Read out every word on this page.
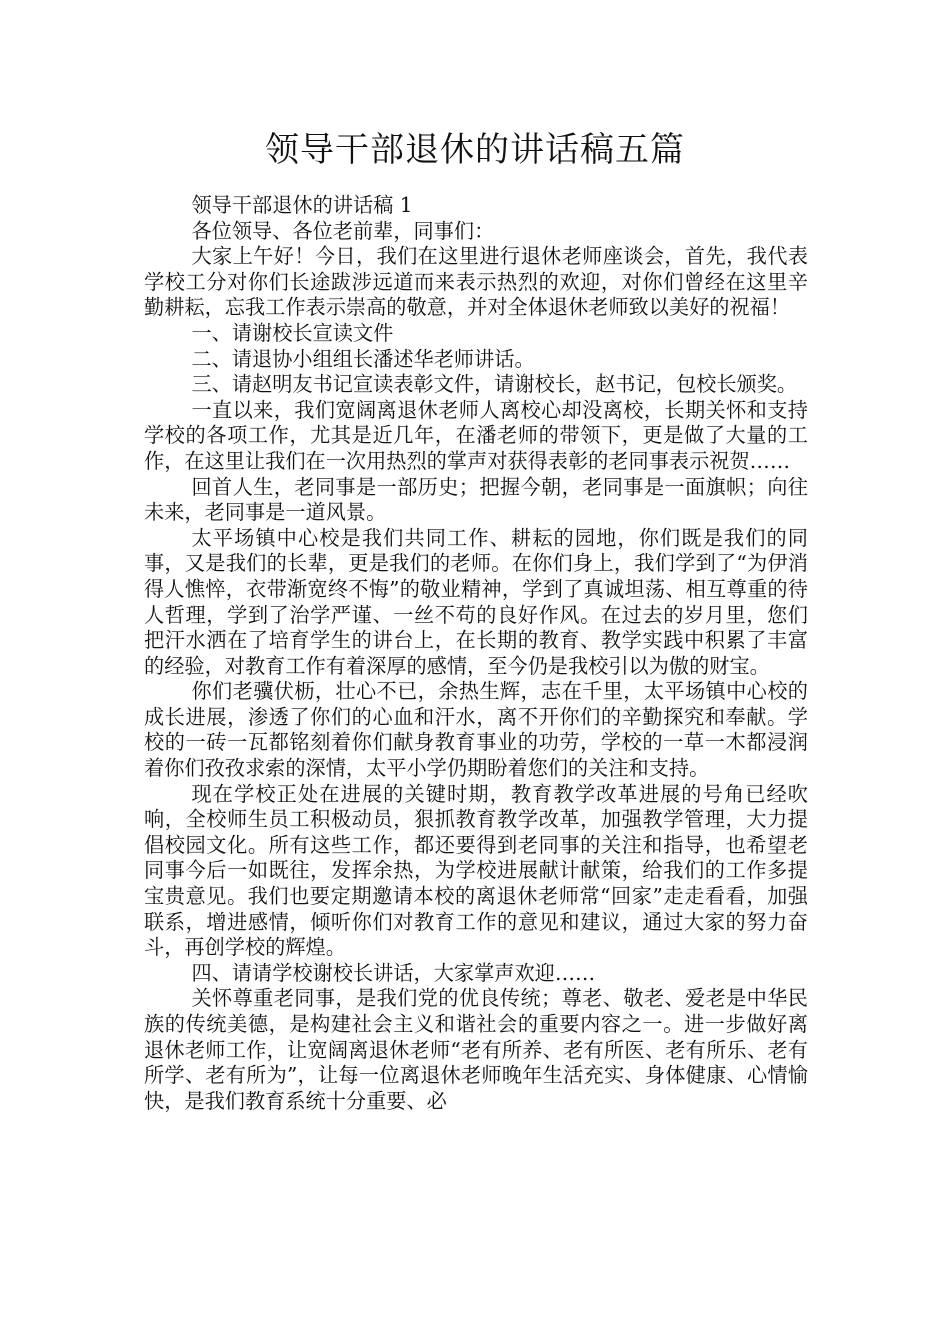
领导干部退休的讲话稿五篇

领导干部退休的讲话稿 1

各位领导、各位老前辈，同事们：

大家上午好！今日，我们在这里进行退休老师座谈会，首先，我代表学校工分对你们长途跋涉远道而来表示热烈的欢迎，对你们曾经在这里辛勤耕耘，忘我工作表示崇高的敬意，并对全体退休老师致以美好的祝福！

一、请谢校长宣读文件

二、请退协小组组长潘述华老师讲话。

三、请赵明友书记宣读表彰文件，请谢校长，赵书记，包校长颁奖。

一直以来，我们宽阔离退休老师人离校心却没离校，长期关怀和支持学校的各项工作，尤其是近几年，在潘老师的带领下，更是做了大量的工作，在这里让我们在一次用热烈的掌声对获得表彰的老同事表示祝贺……

回首人生，老同事是一部历史；把握今朝，老同事是一面旗帜；向往未来，老同事是一道风景。

太平场镇中心校是我们共同工作、耕耘的园地，你们既是我们的同事，又是我们的长辈，更是我们的老师。在你们身上，我们学到了“为伊消得人憔悴，衣带渐宽终不悔”的敬业精神，学到了真诚坦荡、相互尊重的待人哲理，学到了治学严谨、一丝不苟的良好作风。在过去的岁月里，您们把汗水洒在了培育学生的讲台上，在长期的教育、教学实践中积累了丰富的经验，对教育工作有着深厚的感情，至今仍是我校引以为傲的财宝。

你们老骥伏枥，壮心不已，余热生辉，志在千里，太平场镇中心校的成长进展，渗透了你们的心血和汗水，离不开你们的辛勤探究和奉献。学校的一砖一瓦都铭刻着你们献身教育事业的功劳，学校的一草一木都浸润着你们孜孜求索的深情，太平小学仍期盼着您们的关注和支持。

现在学校正处在进展的关键时期，教育教学改革进展的号角已经吹响，全校师生员工积极动员，狠抓教育教学改革，加强教学管理，大力提倡校园文化。所有这些工作，都还要得到老同事的关注和指导，也希望老同事今后一如既往，发挥余热，为学校进展献计献策，给我们的工作多提宝贵意见。我们也要定期邀请本校的离退休老师常“回家”走走看看，加强联系，增进感情，倾听你们对教育工作的意见和建议，通过大家的努力奋斗，再创学校的辉煌。

四、请请学校谢校长讲话，大家掌声欢迎……

关怀尊重老同事，是我们党的优良传统；尊老、敬老、爱老是中华民族的传统美德，是构建社会主义和谐社会的重要内容之一。进一步做好离退休老师工作，让宽阔离退休老师“老有所养、老有所医、老有所乐、老有所学、老有所为”，让每一位离退休老师晚年生活充实、身体健康、心情愉快，是我们教育系统十分重要、必
